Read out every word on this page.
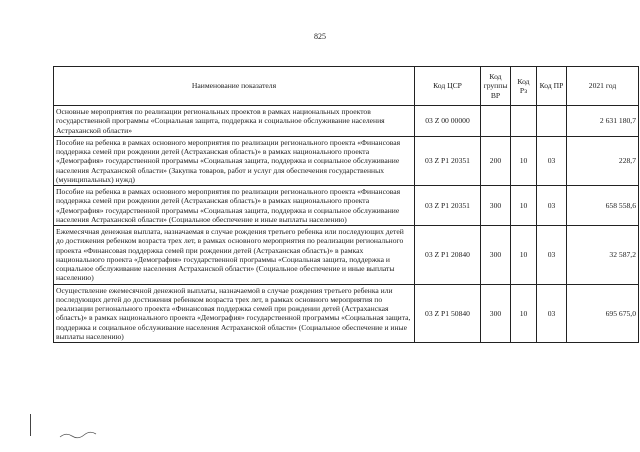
825
Наименование показателя	Код ЦСР	Код группы ВР	Код Рз	Код ПР	2021 год
Основные мероприятия по реализации региональных проектов в рамках национальных проектов государственной программы «Социальная защита, поддержка и социальное обслуживание населения Астраханской области»	03 Z 00 00000				2 631 180,7
Пособие на ребенка в рамках основного мероприятия по реализации регионального проекта «Финансовая поддержка семей при рождении детей (Астраханская область)» в рамках национального проекта «Демография» государственной программы «Социальная защита, поддержка и социальное обслуживание населения Астраханской области» (Закупка товаров, работ и услуг для обеспечения государственных (муниципальных) нужд)	03 Z P1 20351	200	10	03	228,7
Пособие на ребенка в рамках основного мероприятия по реализации регионального проекта «Финансовая поддержка семей при рождении детей (Астраханская область)» в рамках национального проекта «Демография» государственной программы «Социальная защита, поддержка и социальное обслуживание населения Астраханской области» (Социальное обеспечение и иные выплаты населению)	03 Z P1 20351	300	10	03	658 558,6
Ежемесячная денежная выплата, назначаемая в случае рождения третьего ребенка или последующих детей до достижения ребенком возраста трех лет, в рамках основного мероприятия по реализации регионального проекта «Финансовая поддержка семей при рождении детей (Астраханская область)» в рамках национального проекта «Демография» государственной программы «Социальная защита, поддержка и социальное обслуживание населения Астраханской области» (Социальное обеспечение и иные выплаты населению)	03 Z P1 20840	300	10	03	32 587,2
Осуществление ежемесячной денежной выплаты, назначаемой в случае рождения третьего ребенка или последующих детей до достижения ребенком возраста трех лет, в рамках основного мероприятия по реализации регионального проекта «Финансовая поддержка семей при рождении детей (Астраханская область)» в рамках национального проекта «Демография» государственной программы «Социальная защита, поддержка и социальное обслуживание населения Астраханской области» (Социальное обеспечение и иные выплаты населению)	03 Z P1 50840	300	10	03	695 675,0
